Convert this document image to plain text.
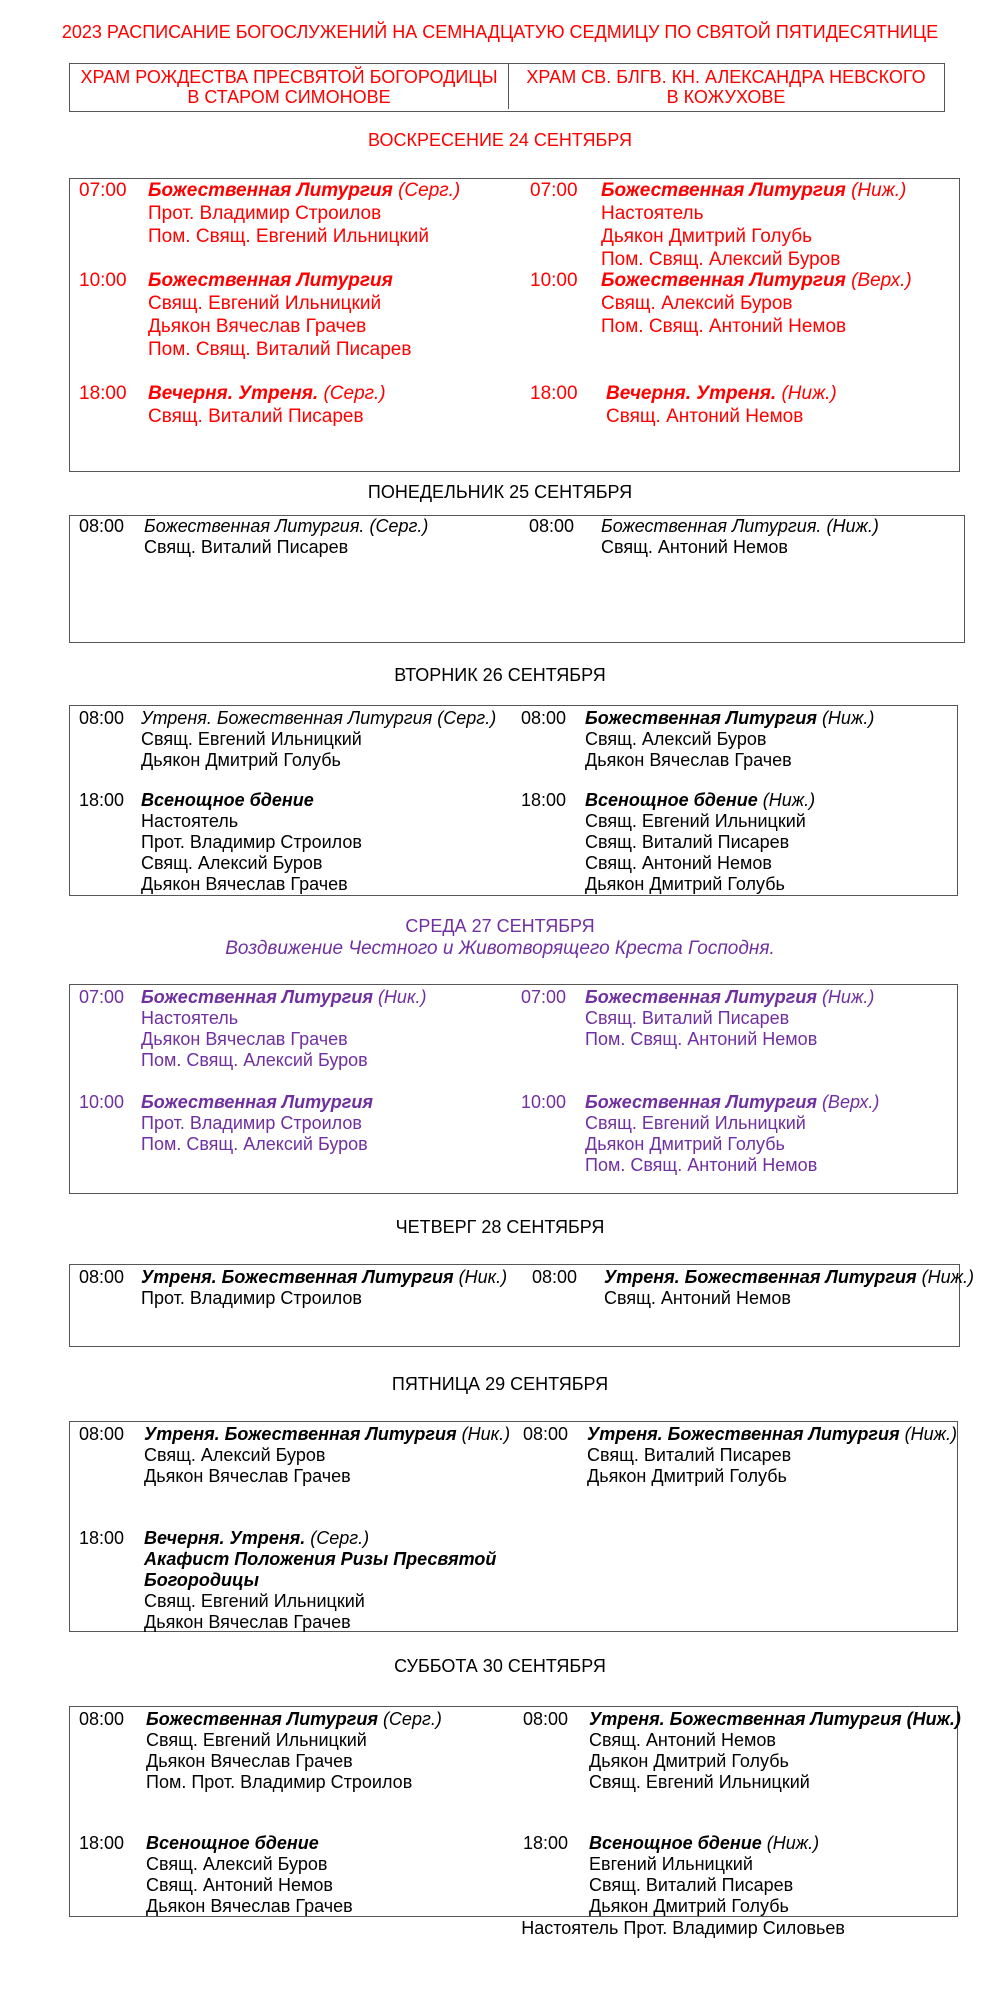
2023 РАСПИСАНИЕ БОГОСЛУЖЕНИЙ НА СЕМНАДЦАТУЮ СЕДМИЦУ ПО СВЯТОЙ ПЯТИДЕСЯТНИЦЕ
ХРАМ РОЖДЕСТВА ПРЕСВЯТОЙ БОГОРОДИЦЫ
В СТАРОМ СИМОНОВЕ
ХРАМ СВ. БЛГВ. КН. АЛЕКСАНДРА НЕВСКОГО
В КОЖУХОВЕ
ВОСКРЕСЕНИЕ 24 СЕНТЯБРЯ
07:00 Божественная Литургия (Серг.)
Прот. Владимир Строилов
Пом. Свящ. Евгений Ильницкий
10:00 Божественная Литургия
Свящ. Евгений Ильницкий
Дьякон Вячеслав Грачев
Пом. Свящ. Виталий Писарев
18:00 Вечерня. Утреня. (Серг.)
Свящ. Виталий Писарев
07:00 Божественная Литургия (Ниж.)
Настоятель
Дьякон Дмитрий Голубь
Пом. Свящ. Алексий Буров
10:00 Божественная Литургия (Верх.)
Свящ. Алексий Буров
Пом. Свящ. Антоний Немов
18:00 Вечерня. Утреня. (Ниж.)
Свящ. Антоний Немов
ПОНЕДЕЛЬНИК 25 СЕНТЯБРЯ
08:00 Божественная Литургия. (Серг.)
Свящ. Виталий Писарев
08:00 Божественная Литургия. (Ниж.)
Свящ. Антоний Немов
ВТОРНИК 26 СЕНТЯБРЯ
08:00 Утреня. Божественная Литургия (Серг.)
Свящ. Евгений Ильницкий
Дьякон Дмитрий Голубь
18:00 Всенощное бдение
Настоятель
Прот. Владимир Строилов
Свящ. Алексий Буров
Дьякон Вячеслав Грачев
08:00 Божественная Литургия (Ниж.)
Свящ. Алексий Буров
Дьякон Вячеслав Грачев
18:00 Всенощное бдение (Ниж.)
Свящ. Евгений Ильницкий
Свящ. Виталий Писарев
Свящ. Антоний Немов
Дьякон Дмитрий Голубь
СРЕДА 27 СЕНТЯБРЯ
Воздвижение Честного и Животворящего Креста Господня.
07:00 Божественная Литургия (Ник.)
Настоятель
Дьякон Вячеслав Грачев
Пом. Свящ. Алексий Буров
10:00 Божественная Литургия
Прот. Владимир Строилов
Пом. Свящ. Алексий Буров
07:00 Божественная Литургия (Ниж.)
Свящ. Виталий Писарев
Пом. Свящ. Антоний Немов
10:00 Божественная Литургия (Верх.)
Свящ. Евгений Ильницкий
Дьякон Дмитрий Голубь
Пом. Свящ. Антоний Немов
ЧЕТВЕРГ 28 СЕНТЯБРЯ
08:00 Утреня. Божественная Литургия (Ник.)
Прот. Владимир Строилов
08:00 Утреня. Божественная Литургия (Ниж.)
Свящ. Антоний Немов
ПЯТНИЦА 29 СЕНТЯБРЯ
08:00 Утреня. Божественная Литургия (Ник.)
Свящ. Алексий Буров
Дьякон Вячеслав Грачев
18:00 Вечерня. Утреня. (Серг.)
Акафист Положения Ризы Пресвятой
Богородицы
Свящ. Евгений Ильницкий
Дьякон Вячеслав Грачев
08:00 Утреня. Божественная Литургия (Ниж.)
Свящ. Виталий Писарев
Дьякон Дмитрий Голубь
СУББОТА 30 СЕНТЯБРЯ
08:00 Божественная Литургия (Серг.)
Свящ. Евгений Ильницкий
Дьякон Вячеслав Грачев
Пом. Прот. Владимир Строилов
18:00 Всенощное бдение
Свящ. Алексий Буров
Свящ. Антоний Немов
Дьякон Вячеслав Грачев
08:00 Утреня. Божественная Литургия (Ниж.)
Свящ. Антоний Немов
Дьякон Дмитрий Голубь
Свящ. Евгений Ильницкий
18:00 Всенощное бдение (Ниж.)
Евгений Ильницкий
Свящ. Виталий Писарев
Дьякон Дмитрий Голубь
Настоятель Прот. Владимир Силовьев
